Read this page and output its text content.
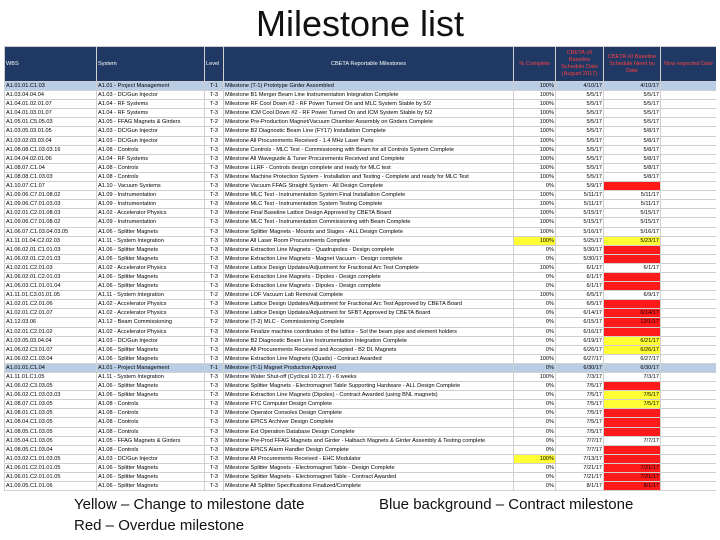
Milestone list
WBS	System	Level	CBETA Reportable Milestones	% Complete	CBETA v0 Baseline Schedule Date (August 2017)	CBETA v0 Baseline Schedule Need by Date	Now expected Date
A1.01.01.C1.03	A1.01 - Project Management	T-1	Milestone (T-1) Prototype Girder Assembled	100%	4/10/17	4/10/17	
A1.03.04.04.04	A1.03 - DC/Gun Injector	T-3	Milestone B1 Merger Beam Line Instrumentation Integration Complete	100%	5/5/17	5/5/17	
A1.04.01.02.01.07	A1.04 - RF Systems	T-3	Milestone RF Cool Down #2 - RF Power Turned On and MLC System Stable by 5/2	100%	5/5/17	5/5/17	
A1.04.01.03.01.07	A1.04 - RF Systems	T-3	Milestone ICM Cool Down #2 - RF Power Turned On and ICM System Stable by 5/2	100%	5/5/17	5/5/17	
A1.05.01.C5.05.03	A1.05 - FFAG Magnets & Girders	T-2	Milestone Pre-Production Magnet/Vacuum Chamber Assembly on Girders Complete	100%	5/5/17	5/5/17	
A1.03.05.03.01.05	A1.03 - DC/Gun Injector	T-3	Milestone B2 Diagnostic Beam Line (FY17) Installation Complete	100%	5/5/17	5/8/17	
A1.03.02.03.03.04	A1.03 - DC/Gun Injector	T-3	Milestone All Procurements Received - 1.4 MHz Laser Parts	100%	5/5/17	5/8/17	
A1.08.08.C1.03.03.16	A1.08 - Controls	T-3	Milestone Controls - MLC Test - Commissioning with Beam for all Controls System Complete	100%	5/5/17	5/8/17	
A1.04.04.02.01.06	A1.04 - RF Systems	T-3	Milestone All Waveguide & Tuner Procurements Received and Complete	100%	5/5/17	5/8/17	
A1.08.07.C1.04	A1.08 - Controls	T-3	Milestone LLRF - Controls design complete and ready for MLC test	100%	5/5/17	5/8/17	
A1.08.08.C1.03.03	A1.08 - Controls	T-3	Milestone Machine Protection System - Installation and Testing - Complete and ready for MLC Test	100%	5/5/17	5/8/17	
A1.10.07.C1.07	A1.10 - Vacuum Systems	T-3	Milestone Vacuum FFAG Straight System - All Design Complete	0%	5/9/17		
A1.09.06.C7.01.08.02	A1.09 - Instrumentation	T-3	Milestone MLC Test - Instrumentation System Final Installation Complete	100%	5/11/17	5/11/17	
A1.09.06.C7.01.03.03	A1.09 - Instrumentation	T-3	Milestone MLC Test - Instrumentation System Testing Complete	100%	5/11/17	5/11/17	
A1.02.01.C2.01.08.03	A1.02 - Accelerator Physics	T-3	Milestone Final Baseline Lattice Design Approved by CBETA Board	100%	5/15/17	5/15/17	
A1.09.06.C7.01.08.02	A1.09 - Instrumentation	T-3	Milestone MLC Test - Instrumentation Commissioning with Beam Complete	100%	5/15/17	5/15/17	
A1.06.07.C1.03.04.03.05	A1.06 - Splitter Magnets	T-3	Milestone Splitter Magnets - Mounts and Stages - ALL Design Complete	100%	5/16/17	5/16/17	
A1.11.01.04.C2.02.03	A1.11 - System Integration	T-3	Milestone All Laser Room Procurements Complete	100%	5/25/17	5/23/17	
A1.06.02.01.C1.01.03	A1.06 - Splitter Magnets	T-3	Milestone Extraction Line Magnets - Quadrupoles - Design complete	0%	5/30/17		
A1.06.02.01.C2.01.03	A1.06 - Splitter Magnets	T-3	Milestone Extraction Line Magnets - Magnet Vacuum - Design complete	0%	5/30/17		
A1.02.01.C2.01.03	A1.02 - Accelerator Physics	T-3	Milestone Lattice Design Updates/Adjustment for Fractional Arc Test Complete	100%	6/1/17	6/1/17	
A1.06.02.01.C2.01.03	A1.06 - Splitter Magnets	T-3	Milestone Extraction Line Magnets - Dipoles - Design complete	0%	6/1/17		
A1.06.03.C1.01.01.04	A1.06 - Splitter Magnets	T-3	Milestone Extraction Line Magnets - Dipoles - Design complete	0%	6/1/17		
A1.11.01.C3.01.01.05	A1.11 - System Integration	T-2	Milestone LOF Vacuum Lab Removal Complete	100%	6/5/17	6/9/17	
A1.02.01.C2.01.06	A1.02 - Accelerator Physics	T-3	Milestone Lattice Design Updates/Adjustment for Fractional Arc Test Approved by CBETA Board	0%	6/5/17		
A1.02.01.C2.01.07	A1.02 - Accelerator Physics	T-3	Milestone Lattice Design Updates/Adjustment for SFBT Approved by CBETA Board	0%	6/14/17	6/14/17	
A1.12.03.06	A1.12 - Beam Commissioning	T-2	Milestone (T-2) MLC - Commissioning Complete	0%	6/15/17	12/1/17	
A1.02.01.C2.01.02	A1.02 - Accelerator Physics	T-3	Milestone Finalize machine coordinates of the lattice - Sol the beam pipe and element holders	0%	6/16/17		
A1.03.05.03.04.04	A1.03 - DC/Gun Injector	T-3	Milestone B2 Diagnostic Beam Line Instrumentation Integration Complete	0%	6/19/17	6/21/17	
A1.06.02.C3.01.07	A1.06 - Splitter Magnets	T-3	Milestone All Procurements Received and Accepted - B2 DL Magnets	0%	6/26/17	6/26/17	
A1.06.02.C1.03.04	A1.06 - Splitter Magnets	T-3	Milestone Extraction Line Magnets (Quads) - Contract Awarded	100%	6/27/17	6/27/17	
A1.01.01.C1.04	A1.01 - Project Management	T-1	Milestone (T-1) Magnet Production Approved	0%	6/30/17	6/30/17	
A1.11.01.C1.05	A1.11 - System Integration	T-3	Milestone Water Shut-off (Cyclical 10 21.7) - 6 weeks	100%	7/3/17	7/3/17	
A1.06.02.C3.03.05	A1.06 - Splitter Magnets	T-3	Milestone Splitter Magnets - Electromagnet Table Supporting Hardware - ALL Design Complete	0%	7/5/17		
A1.06.02.C1.03.03.03	A1.06 - Splitter Magnets	T-3	Milestone Extraction Line Magnets (Dipoles) - Contract Awarded (using BNL magnets)	0%	7/5/17	7/5/17	
A1.08.07.C1.03.05	A1.08 - Controls	T-3	Milestone FTC Computer Design Complete	0%	7/5/17	7/5/17	
A1.08.01.C1.03.05	A1.08 - Controls	T-3	Milestone Operator Consoles Design Complete	0%	7/5/17		
A1.08.04.C1.03.05	A1.08 - Controls	T-3	Milestone EPICS Archiver Design Complete	0%	7/5/17		
A1.08.05.C1.03.05	A1.08 - Controls	T-3	Milestone Ext Operation Database Design Complete	0%	7/5/17		
A1.05.04.C1.03.05	A1.05 - FFAG Magnets & Girders	T-3	Milestone Pre-Prod FFAG Magnets and Girder - Halbach Magnets & Girder Assembly & Testing complete	0%	7/7/17	7/7/17	
A1.08.05.C1.03.04	A1.08 - Controls	T-3	Milestone EPICS Alarm Handler Design Complete	0%	7/7/17		
A1.03.02.C1.01.03.05	A1.03 - DC/Gun Injector	T-3	Milestone All Procurements Received - EHC Modulator	100%	7/13/17		
A1.06.01.C2.01.01.05	A1.06 - Splitter Magnets	T-3	Milestone Splitter Magnets - Electromagnet Table - Design Complete	0%	7/21/17	7/21/17	
A1.06.01.C2.01.01.05	A1.06 - Splitter Magnets	T-3	Milestone Splitter Magnets - Electromagnet Table - Contract Awarded	0%	7/21/17	7/21/17	
A1.09.05.C1.01.06	A1.06 - Splitter Magnets	T-3	Milestone All Splitter Specifications Finalized/Complete	0%	8/1/17	8/1/17	
Yellow – Change to milestone date
Red – Overdue milestone
Blue background – Contract milestone
